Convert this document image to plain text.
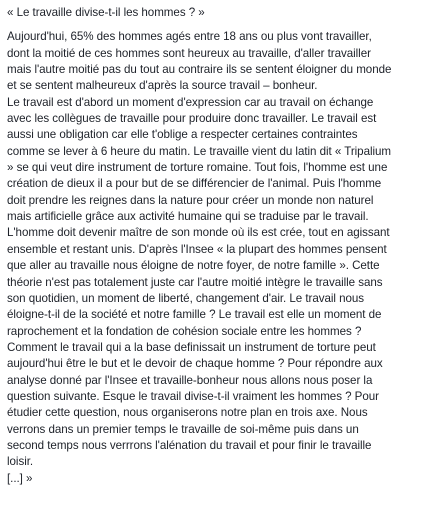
« Le travaille divise-t-il les hommes ? »

Aujourd'hui, 65% des hommes agés entre 18 ans ou plus vont travailler,

dont la moitié de ces hommes sont heureux au travaille, d'aller travailler

mais l'autre moitié pas du tout au contraire ils se sentent éloigner du monde

et se sentent malheureux d'après la source travail – bonheur.

Le travail est d'abord un moment d'expression car au travail on échange

avec les collègues de travaille pour produire donc travailler. Le travail est

aussi une obligation car elle t'oblige a respecter certaines contraintes

comme se lever à 6 heure du matin. Le travaille vient du latin dit « Tripalium

» se qui veut dire instrument de torture romaine. Tout fois, l'homme est une

création de dieux il a pour but de se différencier de l'animal. Puis l'homme

doit prendre les reignes dans la nature pour créer un monde non naturel

mais artificielle grâce aux activité humaine qui se traduise par le travail.

L'homme doit devenir maître de son monde où ils est crée, tout en agissant

ensemble et restant unis. D'après l'Insee « la plupart des hommes pensent

que aller au travaille nous éloigne de notre foyer, de notre famille ». Cette

théorie n'est pas totalement juste car l'autre moitié intègre le travaille sans

son quotidien, un moment de liberté, changement d'air. Le travail nous

éloigne-t-il de la société et notre famille ? Le travail est elle un moment de

raprochement et la fondation de cohésion sociale entre les hommes ?

Comment le travail qui a la base definissait un instrument de torture peut

aujourd'hui être le but et le devoir de chaque homme ? Pour répondre aux

analyse donné par l'Insee et travaille-bonheur nous allons nous poser la

question suivante. Esque le travail divise-t-il vraiment les hommes ? Pour

étudier cette question, nous organiserons notre plan en trois axe. Nous

verrons dans un premier temps le travaille de soi-même puis dans un

second temps nous verrrons l'alénation du travail et pour finir le travaille

loisir.

[...] »
